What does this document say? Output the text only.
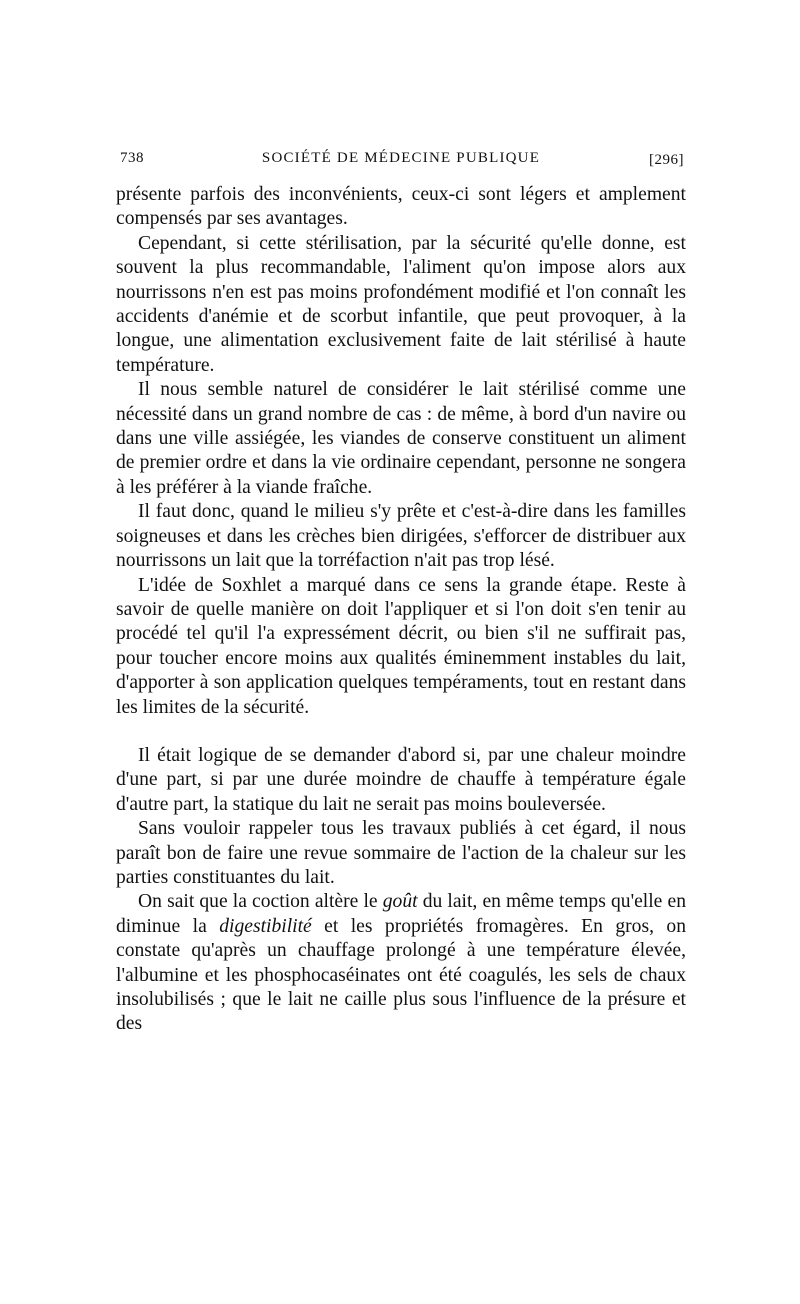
738	SOCIÉTÉ DE MÉDECINE PUBLIQUE	[296]

présente parfois des inconvénients, ceux-ci sont légers et amplement compensés par ses avantages.

Cependant, si cette stérilisation, par la sécurité qu'elle donne, est souvent la plus recommandable, l'aliment qu'on impose alors aux nourrissons n'en est pas moins profondément modifié et l'on connaît les accidents d'anémie et de scorbut infantile, que peut provoquer, à la longue, une alimentation exclusivement faite de lait stérilisé à haute température.

Il nous semble naturel de considérer le lait stérilisé comme une nécessité dans un grand nombre de cas : de même, à bord d'un navire ou dans une ville assiégée, les viandes de conserve constituent un aliment de premier ordre et dans la vie ordinaire cependant, personne ne songera à les préférer à la viande fraîche.

Il faut donc, quand le milieu s'y prête et c'est-à-dire dans les familles soigneuses et dans les crèches bien dirigées, s'efforcer de distribuer aux nourrissons un lait que la torréfaction n'ait pas trop lésé.

L'idée de Soxhlet a marqué dans ce sens la grande étape. Reste à savoir de quelle manière on doit l'appliquer et si l'on doit s'en tenir au procédé tel qu'il l'a expressément décrit, ou bien s'il ne suffirait pas, pour toucher encore moins aux qualités éminemment instables du lait, d'apporter à son application quelques tempéraments, tout en restant dans les limites de la sécurité.

Il était logique de se demander d'abord si, par une chaleur moindre d'une part, si par une durée moindre de chauffe à température égale d'autre part, la statique du lait ne serait pas moins bouleversée.

Sans vouloir rappeler tous les travaux publiés à cet égard, il nous paraît bon de faire une revue sommaire de l'action de la chaleur sur les parties constituantes du lait.

On sait que la coction altère le goût du lait, en même temps qu'elle en diminue la digestibilité et les propriétés fromagères. En gros, on constate qu'après un chauffage prolongé à une température élevée, l'albumine et les phosphocaséinates ont été coagulés, les sels de chaux insolubilisés ; que le lait ne caille plus sous l'influence de la présure et des
